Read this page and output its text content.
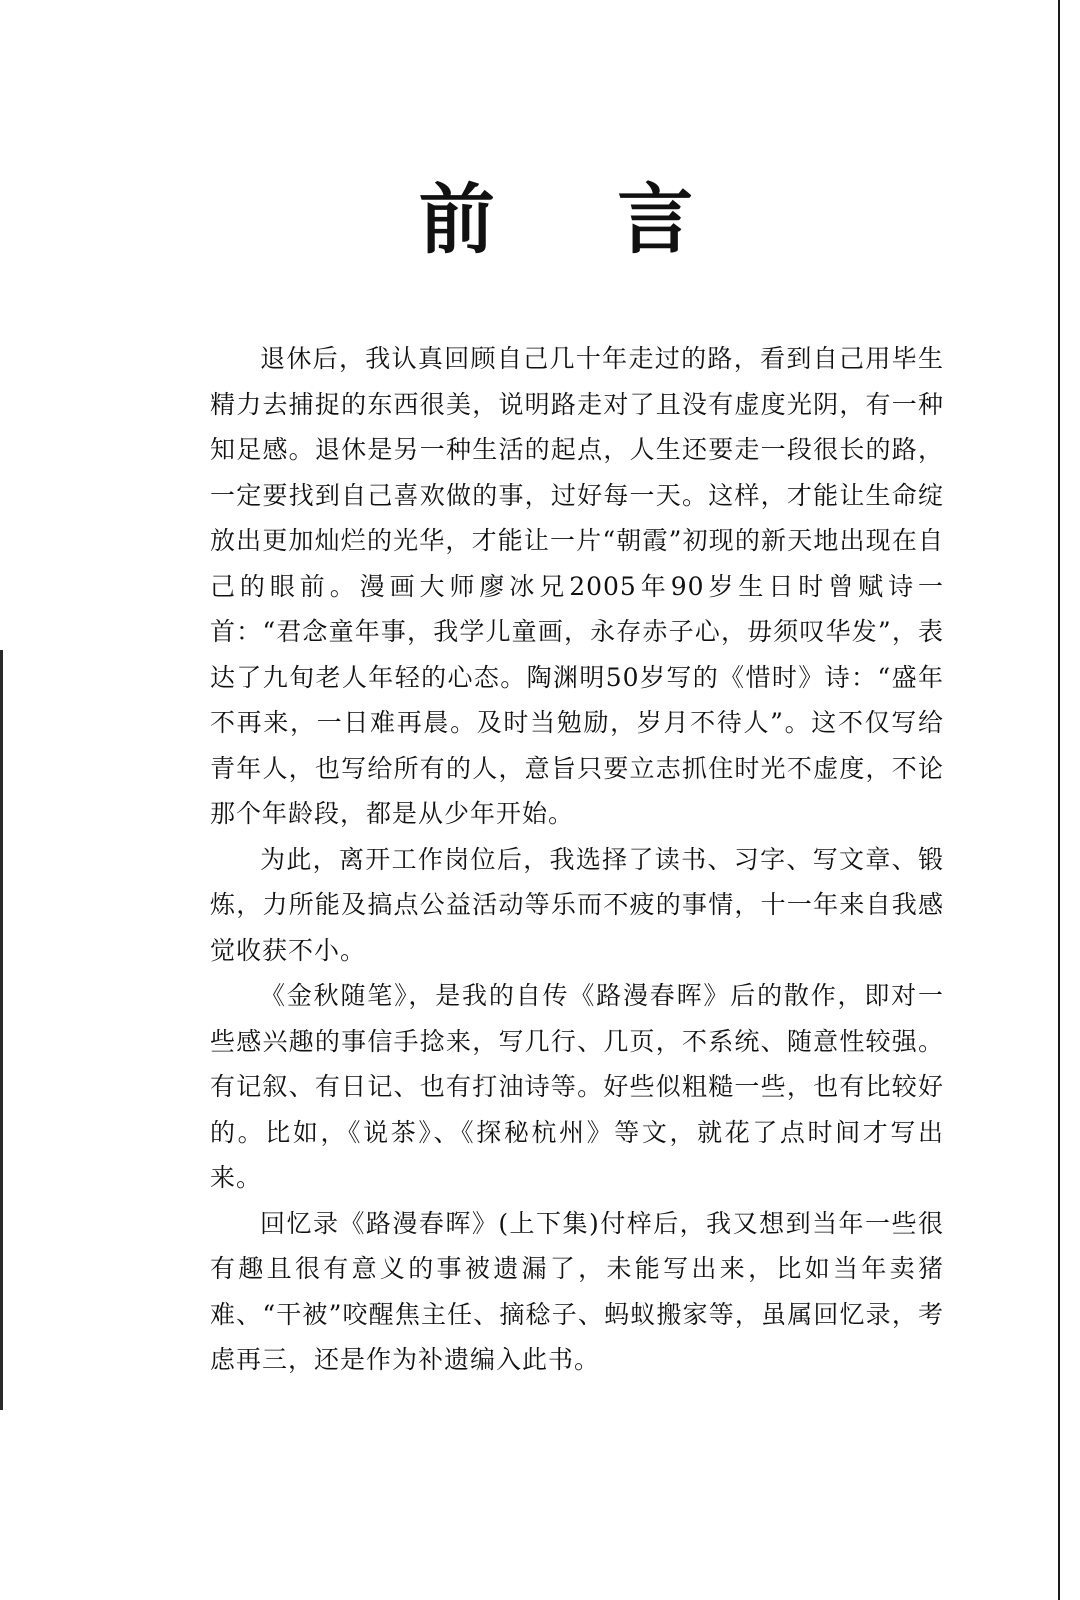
前 言

退休后，我认真回顾自己几十年走过的路，看到自己用毕生精力去捕捉的东西很美，说明路走对了且没有虚度光阴，有一种知足感。退休是另一种生活的起点，人生还要走一段很长的路，一定要找到自己喜欢做的事，过好每一天。这样，才能让生命绽放出更加灿烂的光华，才能让一片“朝霞”初现的新天地出现在自己的眼前。漫画大师廖冰兄2005年90岁生日时曾赋诗一首：“君念童年事，我学儿童画，永存赤子心，毋须叹华发”，表达了九旬老人年轻的心态。陶渊明50岁写的《惜时》诗：“盛年不再来，一日难再晨。及时当勉励，岁月不待人”。这不仅写给青年人，也写给所有的人，意旨只要立志抓住时光不虚度，不论那个年龄段，都是从少年开始。

为此，离开工作岗位后，我选择了读书、习字、写文章、锻炼，力所能及搞点公益活动等乐而不疲的事情，十一年来自我感觉收获不小。

《金秋随笔》，是我的自传《路漫春晖》后的散作，即对一些感兴趣的事信手捻来，写几行、几页，不系统、随意性较强。有记叙、有日记、也有打油诗等。好些似粗糙一些，也有比较好的。比如，《说茶》、《探秘杭州》等文，就花了点时间才写出来。

回忆录《路漫春晖》(上下集)付梓后，我又想到当年一些很有趣且很有意义的事被遗漏了，未能写出来，比如当年卖猪难、“干被”咬醒焦主任、摘稔子、蚂蚁搬家等，虽属回忆录，考虑再三，还是作为补遗编入此书。
